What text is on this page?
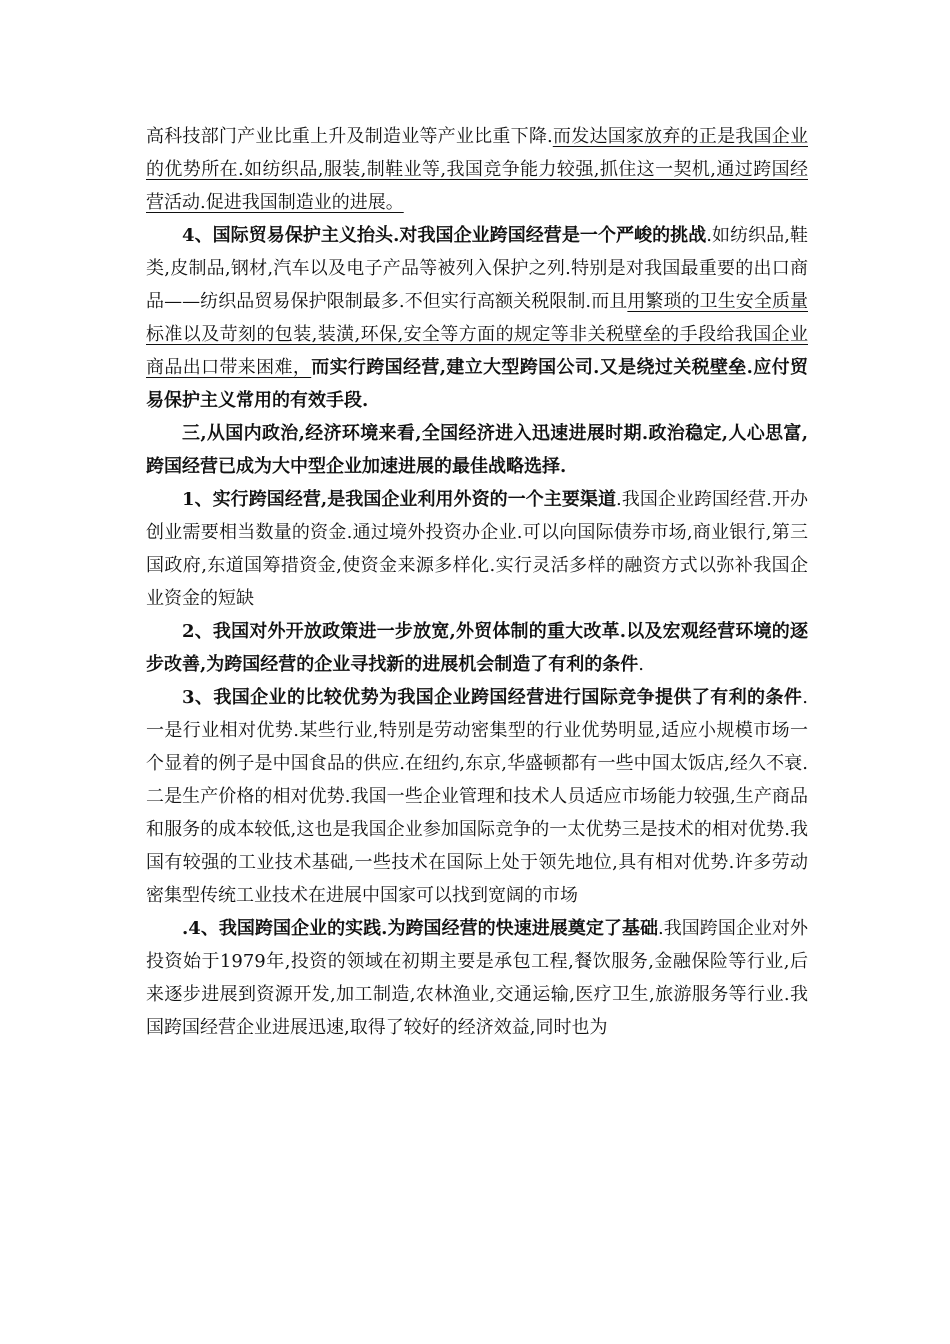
高科技部门产业比重上升及制造业等产业比重下降.而发达国家放弃的正是我国企业的优势所在.如纺织品,服装,制鞋业等,我国竞争能力较强,抓住这一契机,通过跨国经营活动.促进我国制造业的进展。

4、国际贸易保护主义抬头.对我国企业跨国经营是一个严峻的挑战.如纺织品,鞋类,皮制品,钢材,汽车以及电子产品等被列入保护之列.特别是对我国最重要的出口商品——纺织品贸易保护限制最多.不但实行高额关税限制.而且用繁琐的卫生安全质量标准以及苛刻的包装,装潢,环保,安全等方面的规定等非关税壁垒的手段给我国企业商品出口带来困难，而实行跨国经营,建立大型跨国公司.又是绕过关税壁垒.应付贸易保护主义常用的有效手段.

三,从国内政治,经济环境来看,全国经济进入迅速进展时期.政治稳定,人心思富,跨国经营已成为大中型企业加速进展的最佳战略选择.

1、实行跨国经营,是我国企业利用外资的一个主要渠道.我国企业跨国经营.开办创业需要相当数量的资金.通过境外投资办企业.可以向国际债券市场,商业银行,第三国政府,东道国筹措资金,使资金来源多样化.实行灵活多样的融资方式以弥补我国企业资金的短缺

2、我国对外开放政策进一步放宽,外贸体制的重大改革.以及宏观经营环境的逐步改善,为跨国经营的企业寻找新的进展机会制造了有利的条件.

3、我国企业的比较优势为我国企业跨国经营进行国际竞争提供了有利的条件.一是行业相对优势.某些行业,特别是劳动密集型的行业优势明显,适应小规模市场一个显着的例子是中国食品的供应.在纽约,东京,华盛顿都有一些中国太饭店,经久不衰.二是生产价格的相对优势.我国一些企业管理和技术人员适应市场能力较强,生产商品和服务的成本较低,这也是我国企业参加国际竞争的一太优势三是技术的相对优势.我国有较强的工业技术基础,一些技术在国际上处于领先地位,具有相对优势.许多劳动密集型传统工业技术在进展中国家可以找到宽阔的市场

.4、我国跨国企业的实践.为跨国经营的快速进展奠定了基础.我国跨国企业对外投资始于1979年,投资的领域在初期主要是承包工程,餐饮服务,金融保险等行业,后来逐步进展到资源开发,加工制造,农林渔业,交通运输,医疗卫生,旅游服务等行业.我国跨国经营企业进展迅速,取得了较好的经济效益,同时也为
